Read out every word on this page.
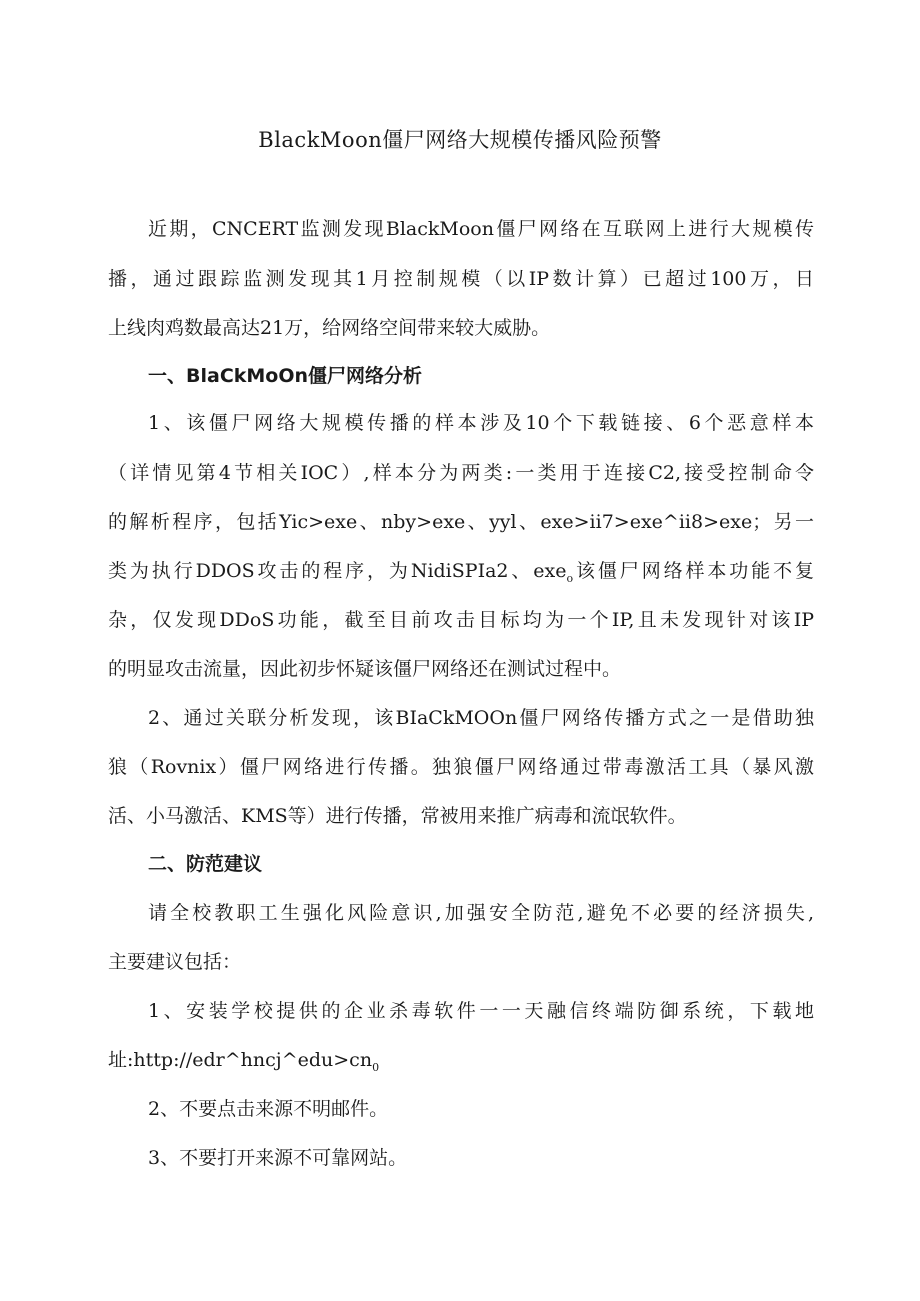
BlackMoon僵尸网络大规模传播风险预警
近期，CNCERT监测发现BlackMoon僵尸网络在互联网上进行大规模传
播，通过跟踪监测发现其1月控制规模（以IP数计算）已超过100万，日
上线肉鸡数最高达21万，给网络空间带来较大威胁。
一、BlaCkMoOn僵尸网络分析
1、该僵尸网络大规模传播的样本涉及10个下载链接、6个恶意样本
（详情见第4节相关IOC）,样本分为两类:一类用于连接C2,接受控制命令
的解析程序，包括Yic>exe、nby>exe、yyl、exe>ii7>exe^ii8>exe；另一
类为执行DDOS攻击的程序，为NidiSPIa2、exe$_o$该僵尸网络样本功能不复
杂，仅发现DDoS功能，截至目前攻击目标均为一个IP,且未发现针对该IP
的明显攻击流量，因此初步怀疑该僵尸网络还在测试过程中。
2、通过关联分析发现，该BIaCkMOOn僵尸网络传播方式之一是借助独
狼（Rovnix）僵尸网络进行传播。独狼僵尸网络通过带毒激活工具（暴风激
活、小马激活、KMS等）进行传播，常被用来推广病毒和流氓软件。
二、防范建议
请全校教职工生强化风险意识,加强安全防范,避免不必要的经济损失,
主要建议包括：
1、安装学校提供的企业杀毒软件一一天融信终端防御系统，下载地
址$:http://edr\^{}hncj\^{}edu>cn_0$
2、不要点击来源不明邮件。
3、不要打开来源不可靠网站。
